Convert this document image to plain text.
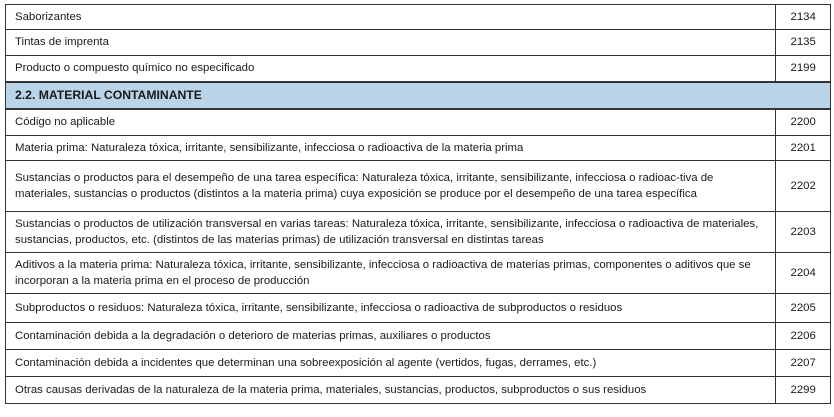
Saborizantes	2134
Tintas de imprenta	2135
Producto o compuesto químico no especificado	2199
2.2. MATERIAL CONTAMINANTE	
Código no aplicable	2200
Materia prima: Naturaleza tóxica, irritante, sensibilizante, infecciosa o radioactiva de la materia prima	2201
Sustancias o productos para el desempeño de una tarea específica: Naturaleza tóxica, irritante, sensibilizante, infecciosa o radioac-tiva de materiales, sustancias o productos (distintos a la materia prima) cuya exposición se produce por el desempeño de una tarea específica	2202
Sustancias o productos de utilización transversal en varias tareas: Naturaleza tóxica, irritante, sensibilizante, infecciosa o radioactiva de materiales, sustancias, productos, etc. (distintos de las materias primas) de utilización transversal en distintas tareas	2203
Aditivos a la materia prima: Naturaleza tóxica, irritante, sensibilizante, infecciosa o radioactiva de materias primas, componentes o aditivos que se incorporan a la materia prima en el proceso de producción	2204
Subproductos o residuos: Naturaleza tóxica, irritante, sensibilizante, infecciosa o radioactiva de subproductos o residuos	2205
Contaminación debida a la degradación o deterioro de materias primas, auxiliares o productos	2206
Contaminación debida a incidentes que determinan una sobreexposición al agente (vertidos, fugas, derrames, etc.)	2207
Otras causas derivadas de la naturaleza de la materia prima, materiales, sustancias, productos, subproductos o sus residuos	2299
